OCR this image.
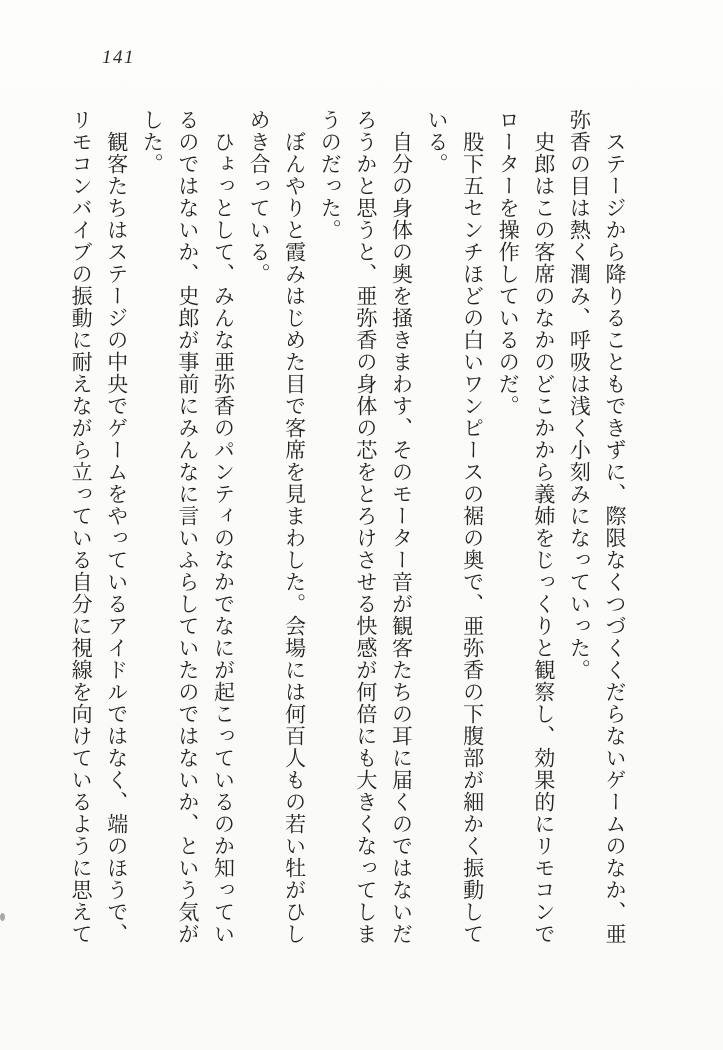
141

ステージから降りることもできずに、際限なくつづくくだらないゲームのなか、亜弥香の目は熱く潤み、呼吸は浅く小刻みになっていった。

史郎はこの客席のなかのどこかから義姉をじっくりと観察し、効果的にリモコンでローターを操作しているのだ。

股下五センチほどの白いワンピースの裾の奥で、亜弥香の下腹部が細かく振動している。

自分の身体の奥を掻きまわす、そのモーター音が観客たちの耳に届くのではないだろうかと思うと、亜弥香の身体の芯をとろけさせる快感が何倍にも大きくなってしまうのだった。

ぼんやりと霞みはじめた目で客席を見まわした。会場には何百人もの若い牡がひしめき合っている。

ひょっとして、みんな亜弥香のパンティのなかでなにが起こっているのか知っているのではないか、史郎が事前にみんなに言いふらしていたのではないか、という気がした。

観客たちはステージの中央でゲームをやっているアイドルではなく、端のほうで、リモコンバイブの振動に耐えながら立っている自分に視線を向けているように思えて
